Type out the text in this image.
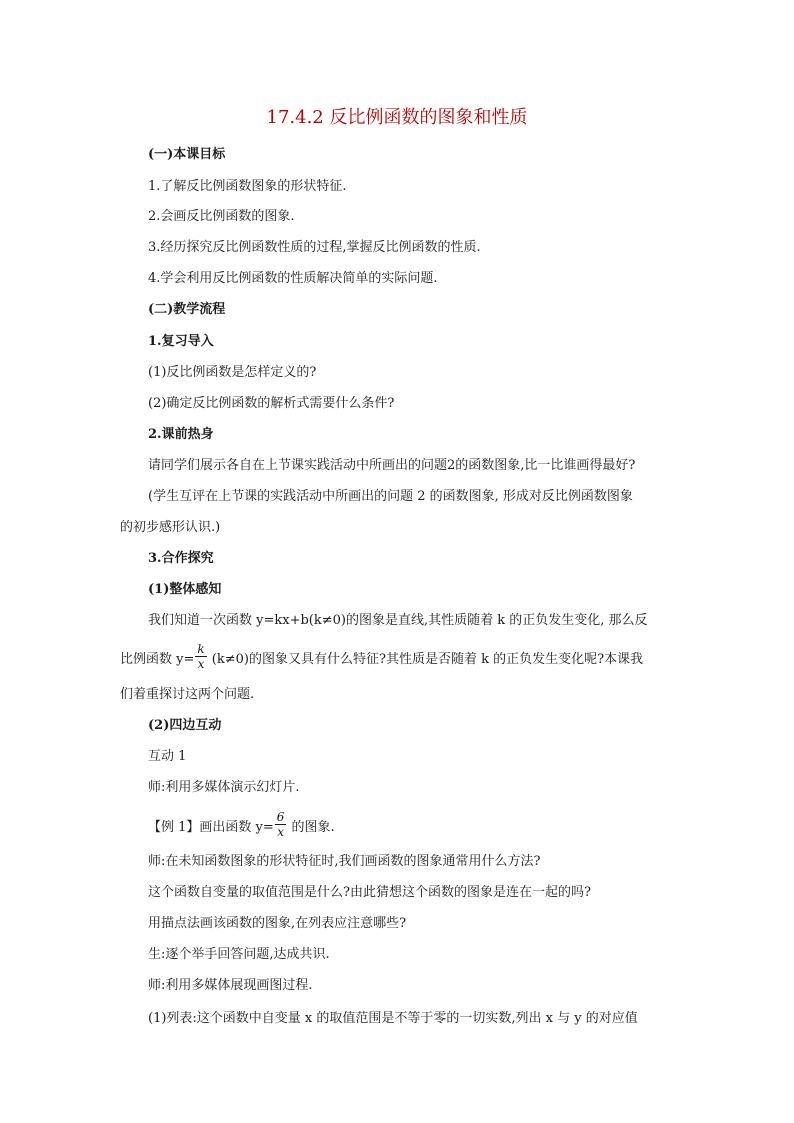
17.4.2 反比例函数的图象和性质
(一)本课目标
1.了解反比例函数图象的形状特征.
2.会画反比例函数的图象.
3.经历探究反比例函数性质的过程,掌握反比例函数的性质.
4.学会利用反比例函数的性质解决简单的实际问题.
(二)教学流程
1.复习导入
(1)反比例函数是怎样定义的?
(2)确定反比例函数的解析式需要什么条件?
2.课前热身
请同学们展示各自在上节课实践活动中所画出的问题2的函数图象,比一比谁画得最好?
(学生互评在上节课的实践活动中所画出的问题 2 的函数图象, 形成对反比例函数图象
的初步感形认识.)
3.合作探究
(1)整体感知
我们知道一次函数 y=kx+b(k≠0)的图象是直线,其性质随着 k 的正负发生变化, 那么反
比例函数 $y= \frac{k}{x} (k\ne 0)$的图象又具有什么特征?其性质是否随着 k 的正负发生变化呢?本课我
们着重探讨这两个问题.
(2)四边互动
互动 1
师:利用多媒体演示幻灯片.
【例 1】画出函数 $y= \frac{6}{x}$ 的图象.
师:在未知函数图象的形状特征时,我们画函数的图象通常用什么方法?
这个函数自变量的取值范围是什么?由此猜想这个函数的图象是连在一起的吗?
用描点法画该函数的图象,在列表应注意哪些?
生:逐个举手回答问题,达成共识.
师:利用多媒体展现画图过程.
(1)列表:这个函数中自变量 x 的取值范围是不等于零的一切实数,列出 x 与 y 的对应值
